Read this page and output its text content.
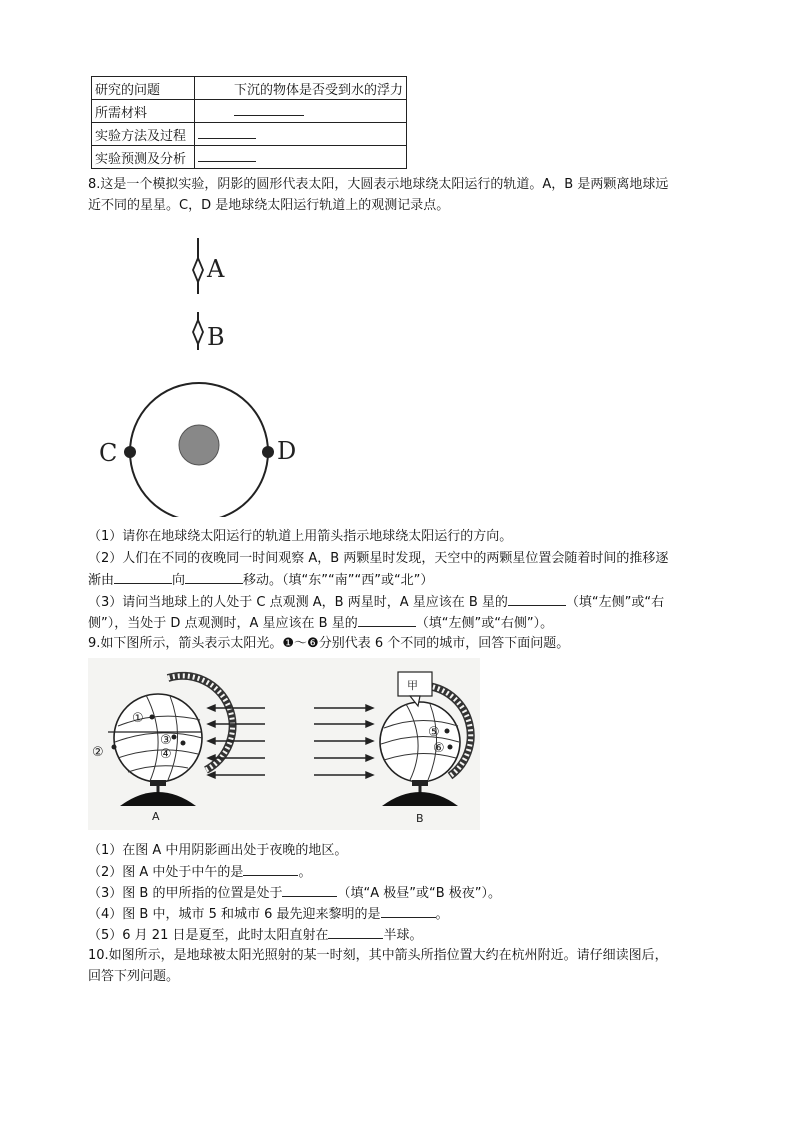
研究的问题	下沉的物体是否受到水的浮力
所需材料	
实验方法及过程	
实验预测及分析	
8.这是一个模拟实验，阴影的圆形代表太阳，大圆表示地球绕太阳运行的轨道。A，B 是两颗离地球远
近不同的星星。C，D 是地球绕太阳运行轨道上的观测记录点。
A
B
C	D
（1）请你在地球绕太阳运行的轨道上用箭头指示地球绕太阳运行的方向。
（2）人们在不同的夜晚同一时间观察 A，B 两颗星时发现，天空中的两颗星位置会随着时间的推移逐
渐由	向	移动。（填“东”“南”“西”或“北”）
（3）请问当地球上的人处于 C 点观测 A，B 两星时，A 星应该在 B 星的	（填“左侧”或“右
侧”），当处于 D 点观测时，A 星应该在 B 星的	（填“左侧”或“右侧”）。
9.如下图所示，箭头表示太阳光。❶～❻分别代表 6 个不同的城市，回答下面问题。
①
③
④
②
A
甲
⑤
⑥
B
（1）在图 A 中用阴影画出处于夜晚的地区。
（2）图 A 中处于中午的是	。
（3）图 B 的甲所指的位置是处于	（填“A 极昼”或“B 极夜”）。
（4）图 B 中，城市 5 和城市 6 最先迎来黎明的是	。
（5）6 月 21 日是夏至，此时太阳直射在	半球。
10.如图所示，是地球被太阳光照射的某一时刻，其中箭头所指位置大约在杭州附近。请仔细读图后，
回答下列问题。
